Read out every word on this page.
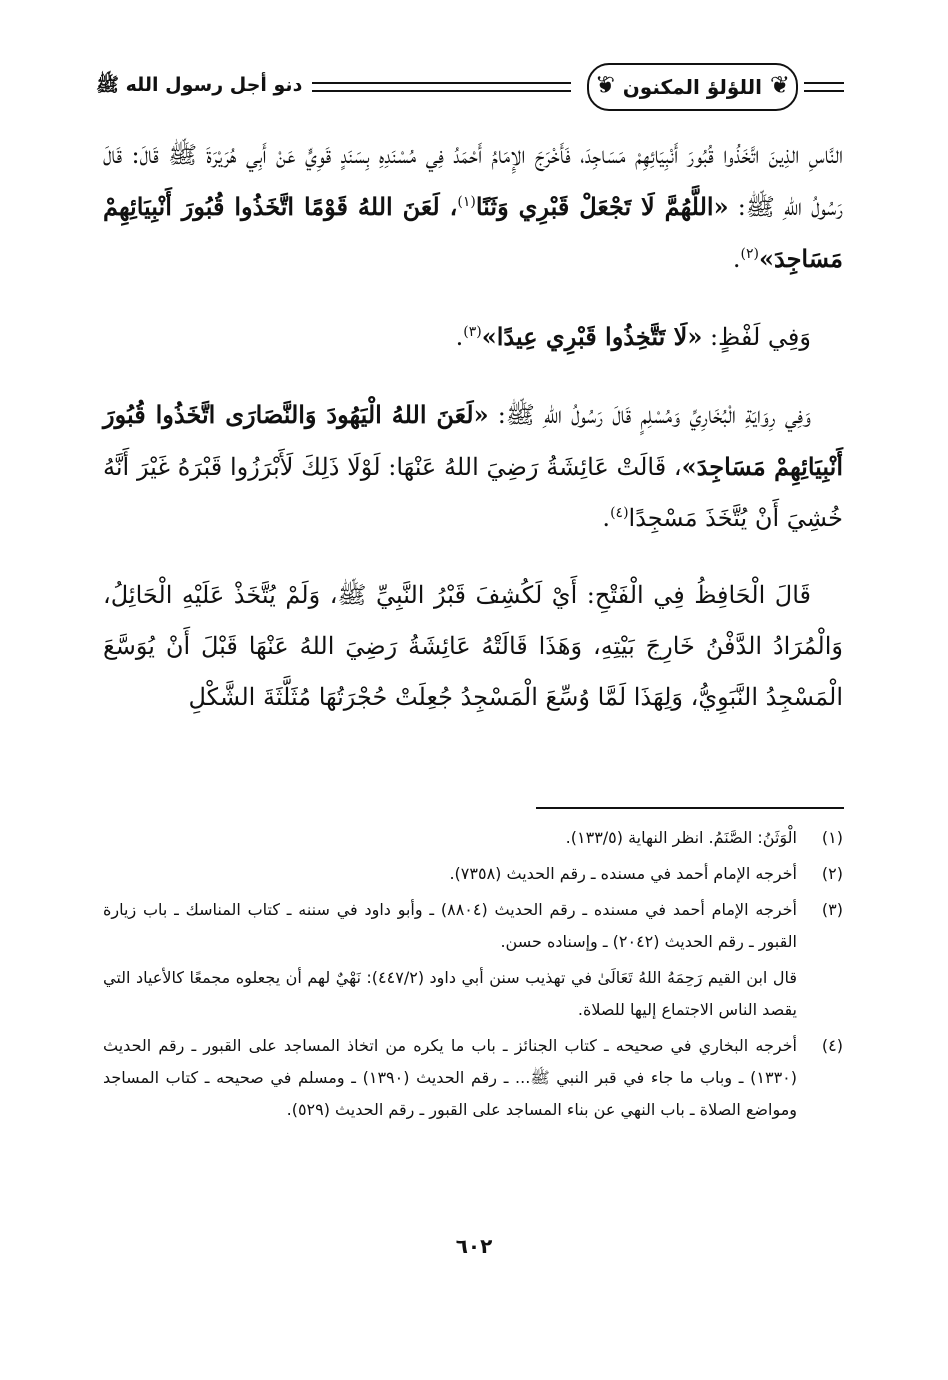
❦ اللؤلؤ المكنون
❦
دنو أجل رسول الله ﷺ

النَّاسِ الذِينَ اتَّخَذُوا قُبُورَ أَنْبِيَائِهِمْ مَسَاجِدَ، فَأَخْرَجَ الإِمَامُ أَحْمَدُ فِي مُسْنَدِهِ بِسَنَدٍ قَوِيٍّ عَنْ أَبِي هُرَيْرَةَ ﷺ قَالَ: قَالَ رَسُولُ اللهِ ﷺ: «اللَّهُمَّ لَا تَجْعَلْ قَبْرِي وَثَنًا$^{(١)}$، لَعَنَ اللهُ قَوْمًا اتَّخَذُوا قُبُورَ أَنْبِيَائِهِمْ مَسَاجِدَ»$^{(٢)}$.

وَفِي لَفْظٍ: «لَا تَتَّخِذُوا قَبْرِي عِيدًا»$^{(٣)}$.

وَفِي رِوَايَةِ الْبُخَارِيِّ وَمُسْلِمٍ قَالَ رَسُولُ اللهِ ﷺ: «لَعَنَ اللهُ الْيَهُودَ وَالنَّصَارَى اتَّخَذُوا قُبُورَ أَنْبِيَائِهِمْ مَسَاجِدَ»، قَالَتْ عَائِشَةُ رَضِيَ اللهُ عَنْهَا: لَوْلَا ذَلِكَ لَأَبْرَزُوا قَبْرَهُ غَيْرَ أَنَّهُ خُشِيَ أَنْ يُتَّخَذَ مَسْجِدًا$^{(٤)}$.

قَالَ الْحَافِظُ فِي الْفَتْحِ: أَيْ لَكُشِفَ قَبْرُ النَّبِيِّ ﷺ، وَلَمْ يُتَّخَذْ عَلَيْهِ الْحَائِلُ، وَالْمُرَادُ الدَّفْنُ خَارِجَ بَيْتِهِ، وَهَذَا قَالَتْهُ عَائِشَةُ رَضِيَ اللهُ عَنْهَا قَبْلَ أَنْ يُوَسَّعَ الْمَسْجِدُ النَّبَوِيُّ، وَلِهَذَا لَمَّا وُسِّعَ الْمَسْجِدُ جُعِلَتْ حُجْرَتُهَا مُثَلَّثَةَ الشَّكْلِ

(١)
الْوَثَنُ: الصَّنَمُ. انظر النهاية (١٣٣/٥).
(٢)
أخرجه الإمام أحمد في مسنده ـ رقم الحديث (٧٣٥٨).
(٣)
أخرجه الإمام أحمد في مسنده ـ رقم الحديث (٨٨٠٤) ـ وأبو داود في سننه ـ كتاب المناسك ـ باب زيارة القبور ـ رقم الحديث (٢٠٤٢) ـ وإسناده حسن.
قال ابن القيم رَحِمَهُ اللهُ تَعَالَىٰ في تهذيب سنن أبي داود (٤٤٧/٢): نَهْيٌ لهم أن يجعلوه مجمعًا كالأعياد التي يقصد الناس الاجتماع إليها للصلاة.
(٤)
أخرجه البخاري في صحيحه ـ كتاب الجنائز ـ باب ما يكره من اتخاذ المساجد على القبور ـ رقم الحديث (١٣٣٠) ـ وباب ما جاء في قبر النبي ﷺ... ـ رقم الحديث (١٣٩٠) ـ ومسلم في صحيحه ـ كتاب المساجد ومواضع الصلاة ـ باب النهي عن بناء المساجد على القبور ـ رقم الحديث (٥٢٩).
٦٠٢
